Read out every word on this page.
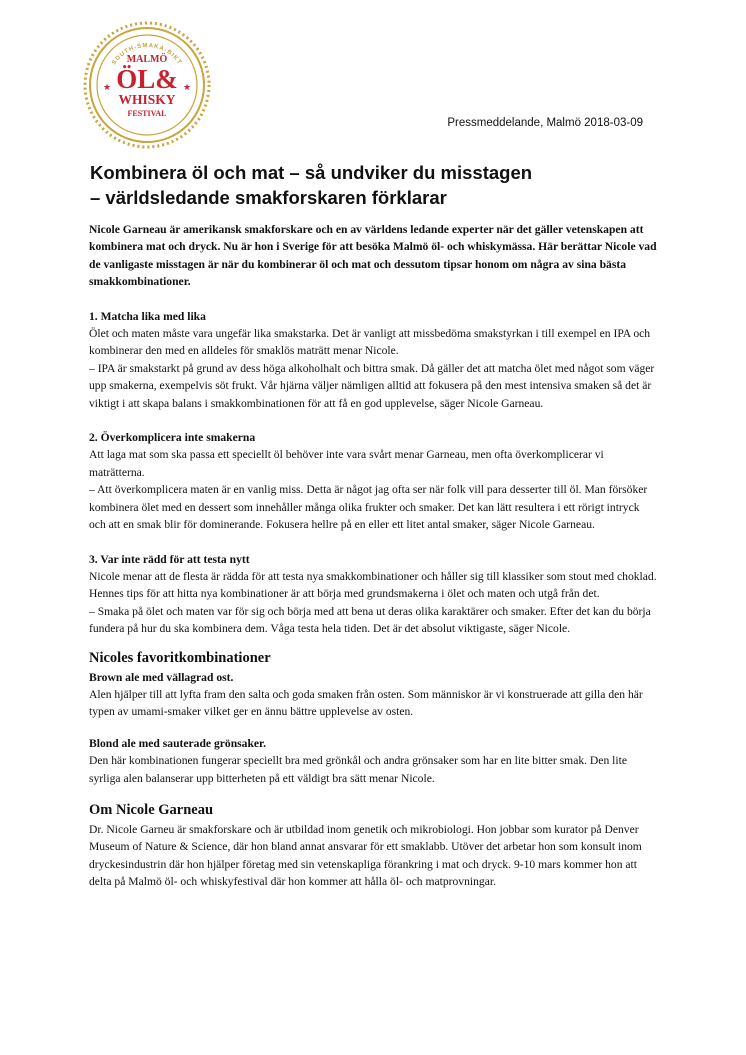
SOUTH-SMAKA-BIKT
MALMÖ
ÖL&
WHISKY
FESTIVAL
★	★
Pressmeddelande, Malmö 2018-03-09
Kombinera öl och mat – så undviker du misstagen
– världsledande smakforskaren förklarar

Nicole Garneau är amerikansk smakforskare och en av världens ledande experter när det gäller vetenskapen att kombinera mat och dryck. Nu är hon i Sverige för att besöka Malmö öl- och whiskymässa. Här berättar Nicole vad de vanligaste misstagen är när du kombinerar öl och mat och dessutom tipsar honom om några av sina bästa smakkombinationer.

1. Matcha lika med lika

Ölet och maten måste vara ungefär lika smakstarka. Det är vanligt att missbedöma smakstyrkan i till exempel en IPA och kombinerar den med en alldeles för smaklös maträtt menar Nicole.

– IPA är smakstarkt på grund av dess höga alkoholhalt och bittra smak. Då gäller det att matcha ölet med något som väger upp smakerna, exempelvis söt frukt. Vår hjärna väljer nämligen alltid att fokusera på den mest intensiva smaken så det är viktigt i att skapa balans i smakkombinationen för att få en god upplevelse, säger Nicole Garneau.

2. Överkomplicera inte smakerna

Att laga mat som ska passa ett speciellt öl behöver inte vara svårt menar Garneau, men ofta överkomplicerar vi maträtterna.

– Att överkomplicera maten är en vanlig miss. Detta är något jag ofta ser när folk vill para desserter till öl. Man försöker kombinera ölet med en dessert som innehåller många olika frukter och smaker. Det kan lätt resultera i ett rörigt intryck och att en smak blir för dominerande. Fokusera hellre på en eller ett litet antal smaker, säger Nicole Garneau.

3. Var inte rädd för att testa nytt

Nicole menar att de flesta är rädda för att testa nya smakkombinationer och håller sig till klassiker som stout med choklad. Hennes tips för att hitta nya kombinationer är att börja med grundsmakerna i ölet och maten och utgå från det.

– Smaka på ölet och maten var för sig och börja med att bena ut deras olika karaktärer och smaker. Efter det kan du börja fundera på hur du ska kombinera dem. Våga testa hela tiden. Det är det absolut viktigaste, säger Nicole.

Nicoles favoritkombinationer
Brown ale med vällagrad ost.

Alen hjälper till att lyfta fram den salta och goda smaken från osten. Som människor är vi konstruerade att gilla den här typen av umami-smaker vilket ger en ännu bättre upplevelse av osten.

Blond ale med sauterade grönsaker.

Den här kombinationen fungerar speciellt bra med grönkål och andra grönsaker som har en lite bitter smak. Den lite syrliga alen balanserar upp bitterheten på ett väldigt bra sätt menar Nicole.

Om Nicole Garneau

Dr. Nicole Garneu är smakforskare och är utbildad inom genetik och mikrobiologi. Hon jobbar som kurator på Denver Museum of Nature & Science, där hon bland annat ansvarar för ett smaklabb. Utöver det arbetar hon som konsult inom dryckesindustrin där hon hjälper företag med sin vetenskapliga förankring i mat och dryck. 9-10 mars kommer hon att delta på Malmö öl- och whiskyfestival där hon kommer att hålla öl- och matprovningar.
